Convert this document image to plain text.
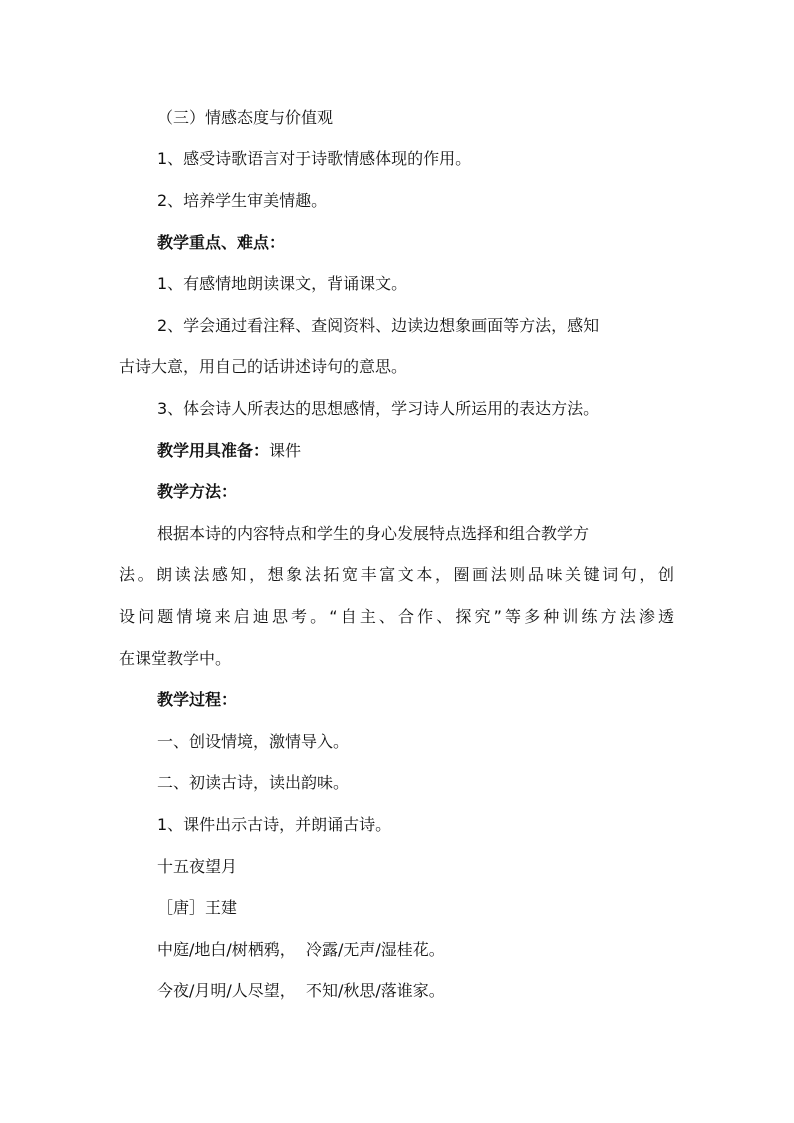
（三）情感态度与价值观
1、感受诗歌语言对于诗歌情感体现的作用。
2、培养学生审美情趣。
教学重点、难点：
1、有感情地朗读课文，背诵课文。
2、学会通过看注释、查阅资料、边读边想象画面等方法，感知
古诗大意，用自己的话讲述诗句的意思。
3、体会诗人所表达的思想感情，学习诗人所运用的表达方法。
教学用具准备：课件
教学方法：
根据本诗的内容特点和学生的身心发展特点选择和组合教学方
法。朗读法感知，想象法拓宽丰富文本，圈画法则品味关键词句，创
设问题情境来启迪思考。“自主、合作、探究”等多种训练方法渗透
在课堂教学中。
教学过程：
一、创设情境，激情导入。
二、初读古诗，读出韵味。
1、课件出示古诗，并朗诵古诗。
十五夜望月
［唐］王建
中庭/地白/树栖鸦，  冷露/无声/湿桂花。
今夜/月明/人尽望，  不知/秋思/落谁家。
